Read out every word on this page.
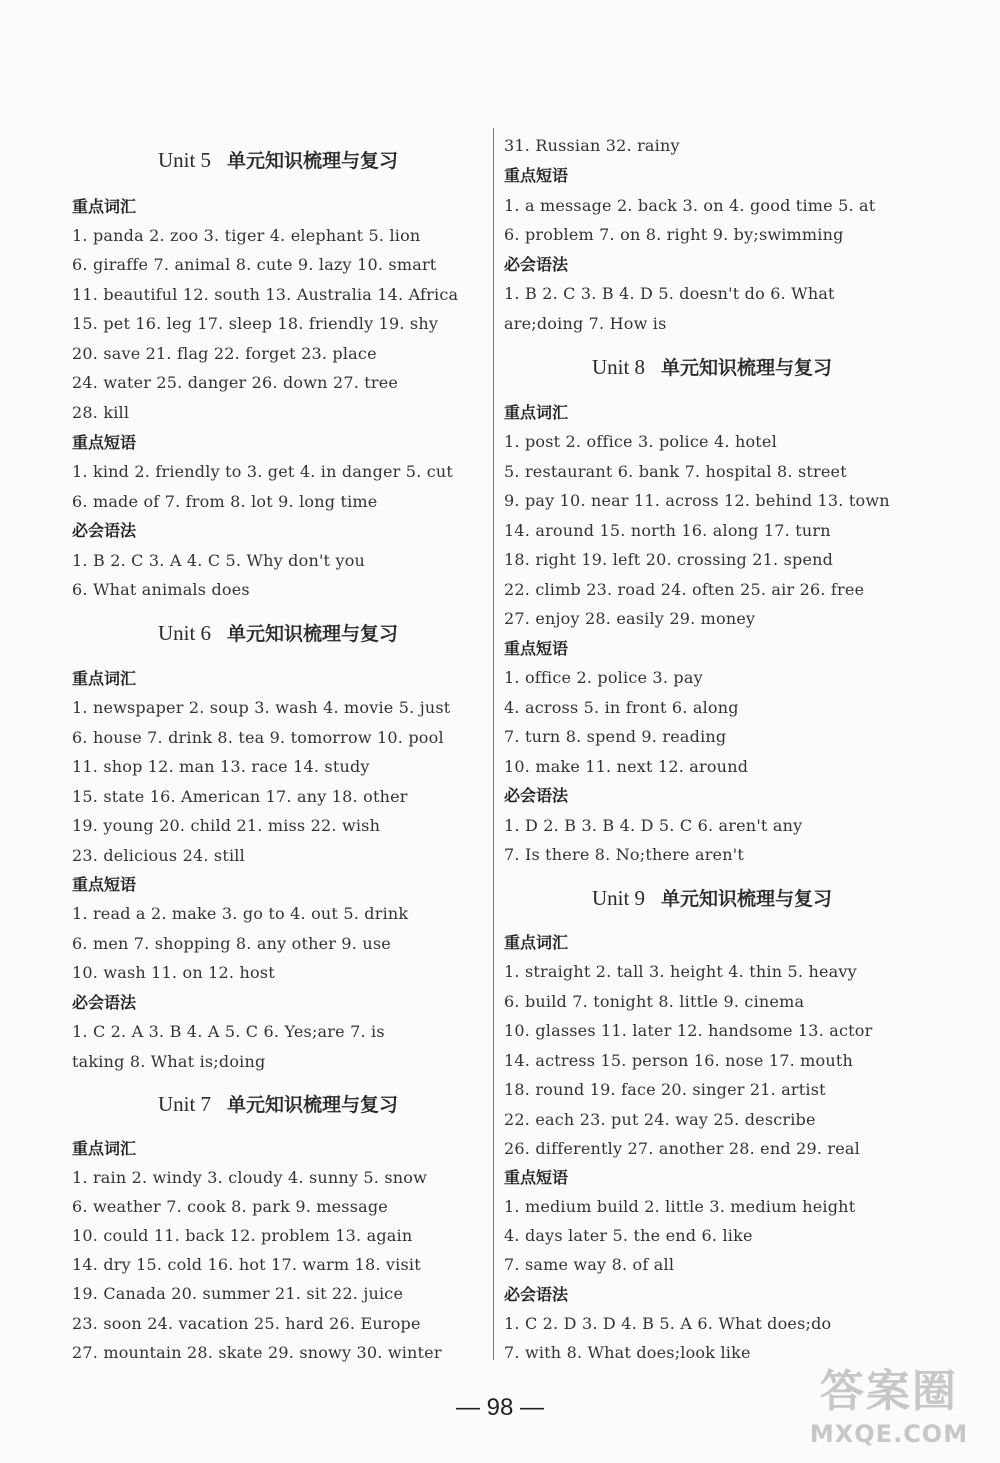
Unit 5 单元知识梳理与复习
重点词汇
1. panda 2. zoo 3. tiger 4. elephant 5. lion
6. giraffe 7. animal 8. cute 9. lazy 10. smart
11. beautiful 12. south 13. Australia 14. Africa
15. pet 16. leg 17. sleep 18. friendly 19. shy
20. save 21. flag 22. forget 23. place
24. water 25. danger 26. down 27. tree
28. kill
重点短语
1. kind 2. friendly to 3. get 4. in danger 5. cut
6. made of 7. from 8. lot 9. long time
必会语法
1. B 2. C 3. A 4. C 5. Why don't you
6. What animals does
Unit 6 单元知识梳理与复习
重点词汇
1. newspaper 2. soup 3. wash 4. movie 5. just
6. house 7. drink 8. tea 9. tomorrow 10. pool
11. shop 12. man 13. race 14. study
15. state 16. American 17. any 18. other
19. young 20. child 21. miss 22. wish
23. delicious 24. still
重点短语
1. read a 2. make 3. go to 4. out 5. drink
6. men 7. shopping 8. any other 9. use
10. wash 11. on 12. host
必会语法
1. C 2. A 3. B 4. A 5. C 6. Yes;are 7. is
taking 8. What is;doing
Unit 7 单元知识梳理与复习
重点词汇
1. rain 2. windy 3. cloudy 4. sunny 5. snow
6. weather 7. cook 8. park 9. message
10. could 11. back 12. problem 13. again
14. dry 15. cold 16. hot 17. warm 18. visit
19. Canada 20. summer 21. sit 22. juice
23. soon 24. vacation 25. hard 26. Europe
27. mountain 28. skate 29. snowy 30. winter
31. Russian 32. rainy
重点短语
1. a message 2. back 3. on 4. good time 5. at
6. problem 7. on 8. right 9. by;swimming
必会语法
1. B 2. C 3. B 4. D 5. doesn't do 6. What
are;doing 7. How is
Unit 8 单元知识梳理与复习
重点词汇
1. post 2. office 3. police 4. hotel
5. restaurant 6. bank 7. hospital 8. street
9. pay 10. near 11. across 12. behind 13. town
14. around 15. north 16. along 17. turn
18. right 19. left 20. crossing 21. spend
22. climb 23. road 24. often 25. air 26. free
27. enjoy 28. easily 29. money
重点短语
1. office 2. police 3. pay
4. across 5. in front 6. along
7. turn 8. spend 9. reading
10. make 11. next 12. around
必会语法
1. D 2. B 3. B 4. D 5. C 6. aren't any
7. Is there 8. No;there aren't
Unit 9 单元知识梳理与复习
重点词汇
1. straight 2. tall 3. height 4. thin 5. heavy
6. build 7. tonight 8. little 9. cinema
10. glasses 11. later 12. handsome 13. actor
14. actress 15. person 16. nose 17. mouth
18. round 19. face 20. singer 21. artist
22. each 23. put 24. way 25. describe
26. differently 27. another 28. end 29. real
重点短语
1. medium build 2. little 3. medium height
4. days later 5. the end 6. like
7. same way 8. of all
必会语法
1. C 2. D 3. D 4. B 5. A 6. What does;do
7. with 8. What does;look like
— 98 —	答案圈
MXQE.COM
